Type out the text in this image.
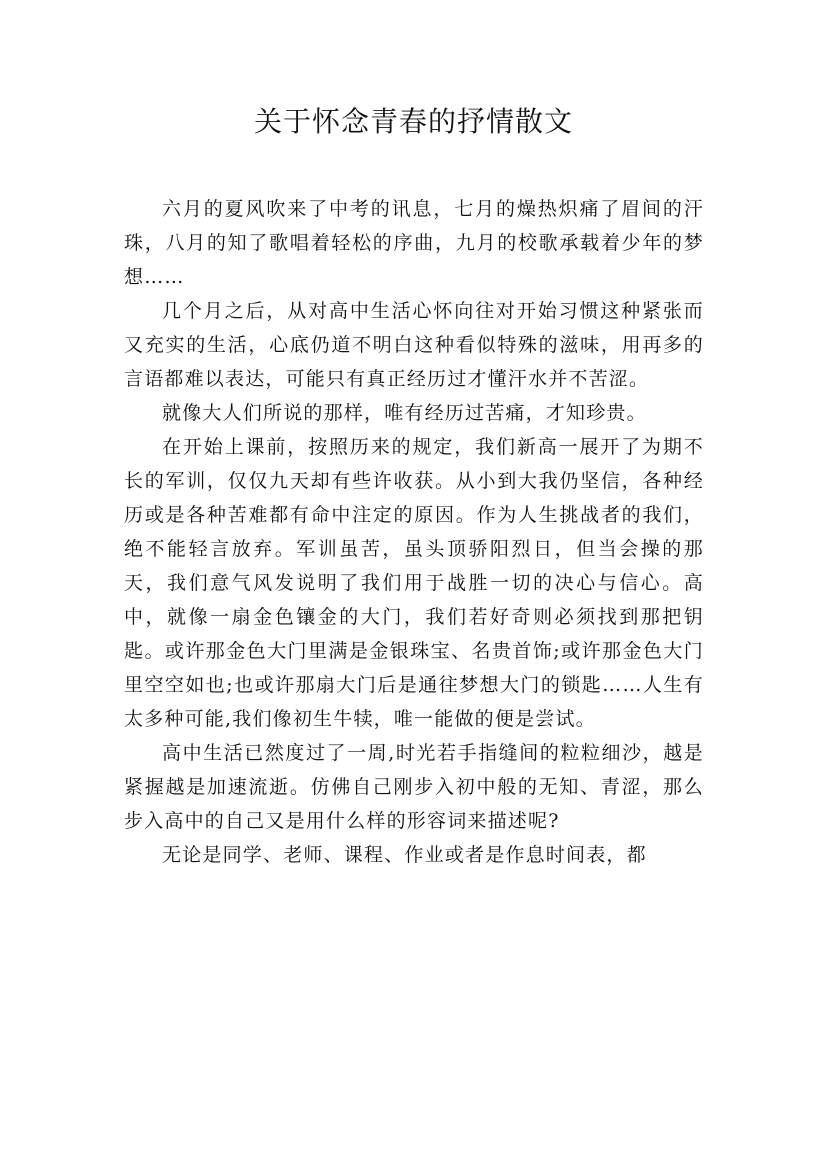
关于怀念青春的抒情散文

六月的夏风吹来了中考的讯息，七月的燥热炽痛了眉间的汗珠，八月的知了歌唱着轻松的序曲，九月的校歌承载着少年的梦想……

几个月之后，从对高中生活心怀向往对开始习惯这种紧张而又充实的生活，心底仍道不明白这种看似特殊的滋味，用再多的言语都难以表达，可能只有真正经历过才懂汗水并不苦涩。

就像大人们所说的那样，唯有经历过苦痛，才知珍贵。

在开始上课前，按照历来的规定，我们新高一展开了为期不长的军训，仅仅九天却有些许收获。从小到大我仍坚信，各种经历或是各种苦难都有命中注定的原因。作为人生挑战者的我们，绝不能轻言放弃。军训虽苦，虽头顶骄阳烈日，但当会操的那天，我们意气风发说明了我们用于战胜一切的决心与信心。高中，就像一扇金色镶金的大门，我们若好奇则必须找到那把钥匙。或许那金色大门里满是金银珠宝、名贵首饰;或许那金色大门里空空如也;也或许那扇大门后是通往梦想大门的锁匙……人生有太多种可能,我们像初生牛犊，唯一能做的便是尝试。

高中生活已然度过了一周,时光若手指缝间的粒粒细沙，越是紧握越是加速流逝。仿佛自己刚步入初中般的无知、青涩，那么步入高中的自己又是用什么样的形容词来描述呢?

无论是同学、老师、课程、作业或者是作息时间表，都
